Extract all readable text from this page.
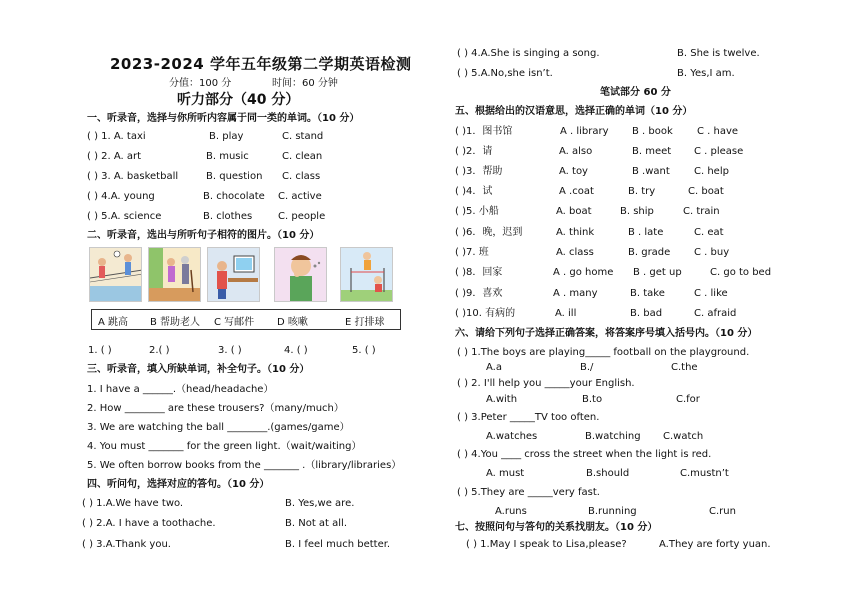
2023-2024 学年五年级第二学期英语检测
分值：100 分	时间：60 分钟
听力部分（40 分）
一、听录音，选择与你所听内容属于同一类的单词。（10 分）
( ) 1. A. taxi	B. play	C. stand
( ) 2. A. art	B. music	C. clean
( ) 3. A. basketball	B. question C. class
( ) 4.A. young	B. chocolate C. active
( ) 5.A. science	B. clothes	C. people
二、听录音，选出与所听句子相符的图片。（10 分）
A 跳高 B 帮助老人 C 写邮件 D 咳嗽	E 打排球
1. ( )	2.( )	3. ( )	4. ( )	5. ( )
三、听录音，填入所缺单词，补全句子。（10 分）
1. I have a ______.（head/headache）
2. How ________ are these trousers?（many/much）
3. We are watching the ball ________.(games/game）
4. You must _______ for the green light.（wait/waiting）
5. We often borrow books from the _______ .（library/libraries）
四、听问句，选择对应的答句。（10 分）
( ) 1.A.We have two.	B. Yes,we are.
( ) 2.A. I have a toothache.	B. Not at all.
( ) 3.A.Thank you.	B. I feel much better.
( ) 4.A.She is singing a song.	B. She is twelve.
( ) 5.A.No,she isn’t.	B. Yes,I am.
笔试部分 60 分
五、根据给出的汉语意思，选择正确的单词（10 分）
( )1．图书馆	A . library B . book C . have
( )2．请	A. also	B. meet C . please
( )3．帮助	A. toy	B .want C. help
( )4．试	A .coat	B. try	C. boat
( )5. 小船	A. boat	B. ship	C. train
( )6．晚，迟到	A. think	B . late	C. eat
( )7. 班	A. class	B. grade C . buy
( )8．回家	A . go home B . get up	C. go to bed
( )9．喜欢	A . many	B. take	C . like
( )10. 有病的	A. ill	B. bad	C. afraid
六、请给下列句子选择正确答案，将答案序号填入括号内。（10 分）
( ) 1.The boys are playing_____ football on the playground.
A.a	B./	C.the
( ) 2. I'll help you _____your English.
A.with	B.to	C.for
( ) 3.Peter _____TV too often.
A.watches	B.watching C.watch
( ) 4.You ____ cross the street when the light is red.
A. must	B.should	C.mustn’t
( ) 5.They are _____very fast.
A.runs	B.running	C.run
七、按照问句与答句的关系找朋友。（10 分）
( ) 1.May I speak to Lisa,please?	A.They are forty yuan.
